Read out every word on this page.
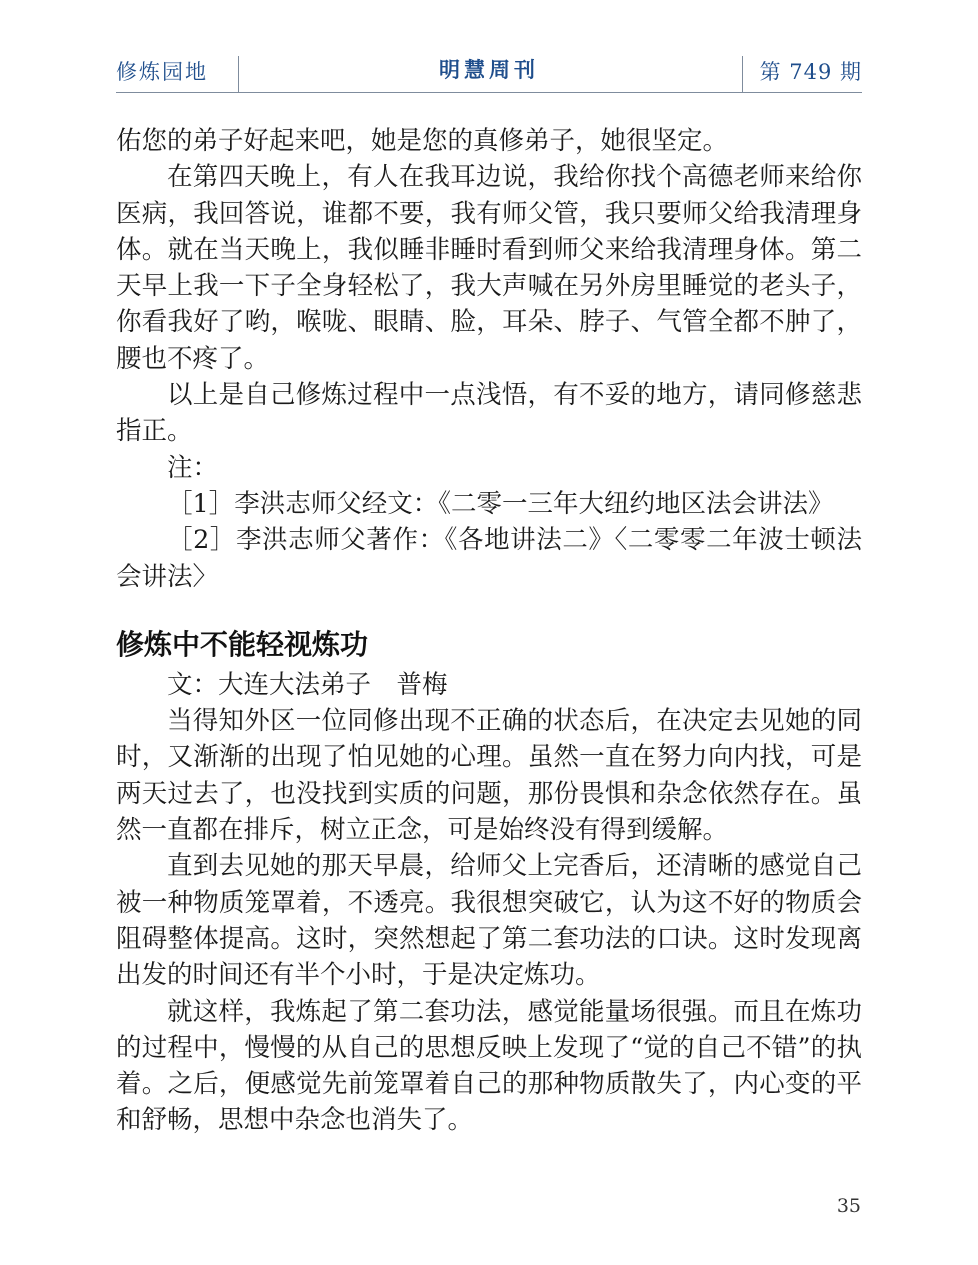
修炼园地	明慧周刊	第 749 期

佑您的弟子好起来吧，她是您的真修弟子，她很坚定。

在第四天晚上，有人在我耳边说，我给你找个高德老师来给你医病，我回答说，谁都不要，我有师父管，我只要师父给我清理身体。就在当天晚上，我似睡非睡时看到师父来给我清理身体。第二天早上我一下子全身轻松了，我大声喊在另外房里睡觉的老头子，你看我好了哟，喉咙、眼睛、脸，耳朵、脖子、气管全都不肿了，腰也不疼了。

以上是自己修炼过程中一点浅悟，有不妥的地方，请同修慈悲指正。

注：

［1］李洪志师父经文：《二零一三年大纽约地区法会讲法》

［2］李洪志师父著作：《各地讲法二》〈二零零二年波士顿法会讲法〉

修炼中不能轻视炼功

文：大连大法弟子　普梅

当得知外区一位同修出现不正确的状态后，在决定去见她的同时，又渐渐的出现了怕见她的心理。虽然一直在努力向内找，可是两天过去了，也没找到实质的问题，那份畏惧和杂念依然存在。虽然一直都在排斥，树立正念，可是始终没有得到缓解。

直到去见她的那天早晨，给师父上完香后，还清晰的感觉自己被一种物质笼罩着，不透亮。我很想突破它，认为这不好的物质会阻碍整体提高。这时，突然想起了第二套功法的口诀。这时发现离出发的时间还有半个小时，于是决定炼功。

就这样，我炼起了第二套功法，感觉能量场很强。而且在炼功的过程中，慢慢的从自己的思想反映上发现了“觉的自己不错”的执着。之后，便感觉先前笼罩着自己的那种物质散失了，内心变的平和舒畅，思想中杂念也消失了。

35
